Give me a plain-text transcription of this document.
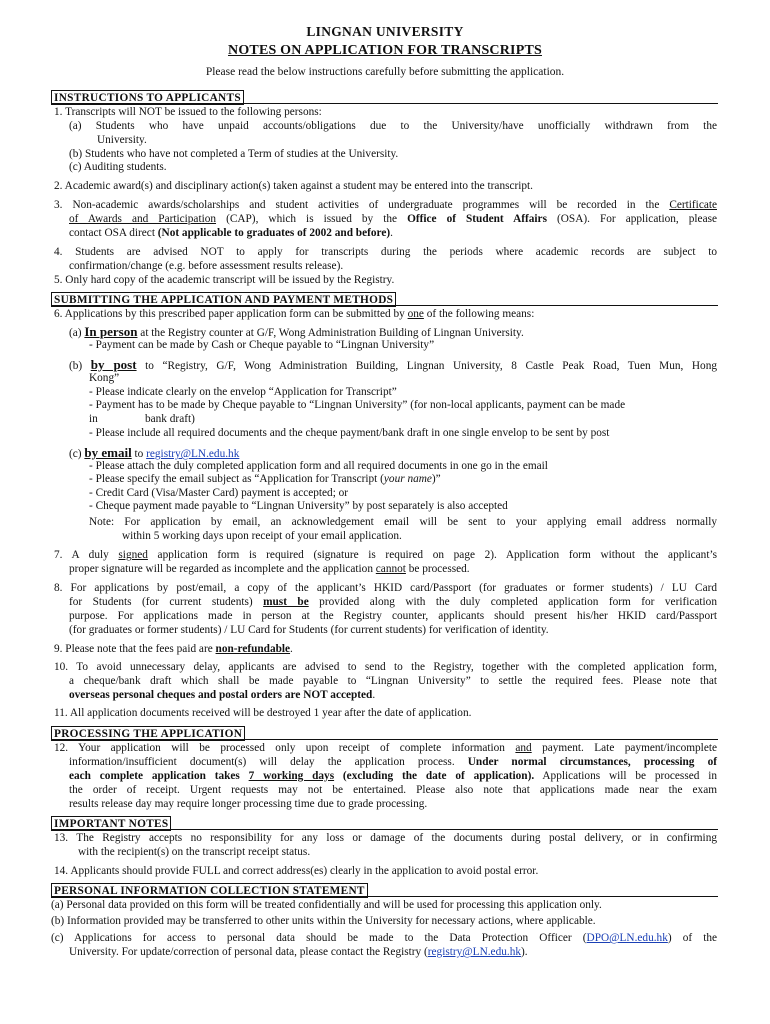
LINGNAN UNIVERSITY
NOTES ON APPLICATION FOR TRANSCRIPTS
Please read the below instructions carefully before submitting the application.
INSTRUCTIONS TO APPLICANTS
1. Transcripts will NOT be issued to the following persons:
(a) Students who have unpaid accounts/obligations due to the University/have unofficially withdrawn from the
University.
(b) Students who have not completed a Term of studies at the University.
(c) Auditing students.
2. Academic award(s) and disciplinary action(s) taken against a student may be entered into the transcript.
3. Non-academic awards/scholarships and student activities of undergraduate programmes will be recorded in the Certificate
of Awards and Participation (CAP), which is issued by the Office of Student Affairs (OSA). For application, please
contact OSA direct (Not applicable to graduates of 2002 and before).
4. Students are advised NOT to apply for transcripts during the periods where academic records are subject to
confirmation/change (e.g. before assessment results release).
5. Only hard copy of the academic transcript will be issued by the Registry.
SUBMITTING THE APPLICATION AND PAYMENT METHODS
6. Applications by this prescribed paper application form can be submitted by one of the following means:
(a) In person at the Registry counter at G/F, Wong Administration Building of Lingnan University.
- Payment can be made by Cash or Cheque payable to “Lingnan University”
(b) by post to “Registry, G/F, Wong Administration Building, Lingnan University, 8 Castle Peak Road, Tuen Mun, Hong
Kong”
- Please indicate clearly on the envelop “Application for Transcript”
- Payment has to be made by Cheque payable to “Lingnan University” (for non-local applicants, payment can be made
in	bank draft)
- Please include all required documents and the cheque payment/bank draft in one single envelop to be sent by post
(c) by email to registry@LN.edu.hk
- Please attach the duly completed application form and all required documents in one go in the email
- Please specify the email subject as “Application for Transcript (your name)”
- Credit Card (Visa/Master Card) payment is accepted; or
- Cheque payment made payable to “Lingnan University” by post separately is also accepted
Note: For application by email, an acknowledgement email will be sent to your applying email address normally
within 5 working days upon receipt of your email application.
7. A duly signed application form is required (signature is required on page 2). Application form without the applicant’s
proper signature will be regarded as incomplete and the application cannot be processed.
8. For applications by post/email, a copy of the applicant’s HKID card/Passport (for graduates or former students) / LU Card
for Students (for current students) must be provided along with the duly completed application form for verification
purpose. For applications made in person at the Registry counter, applicants should present his/her HKID card/Passport
(for graduates or former students) / LU Card for Students (for current students) for verification of identity.
9. Please note that the fees paid are non-refundable.
10. To avoid unnecessary delay, applicants are advised to send to the Registry, together with the completed application form,
a cheque/bank draft which shall be made payable to “Lingnan University” to settle the required fees. Please note that
overseas personal cheques and postal orders are NOT accepted.
11. All application documents received will be destroyed 1 year after the date of application.
PROCESSING THE APPLICATION
12. Your application will be processed only upon receipt of complete information and payment. Late payment/incomplete
information/insufficient document(s) will delay the application process. Under normal circumstances, processing of
each complete application takes 7 working days (excluding the date of application). Applications will be processed in
the order of receipt. Urgent requests may not be entertained. Please also note that applications made near the exam
results release day may require longer processing time due to grade processing.
IMPORTANT NOTES
13. The Registry accepts no responsibility for any loss or damage of the documents during postal delivery, or in confirming
with the recipient(s) on the transcript receipt status.
14. Applicants should provide FULL and correct address(es) clearly in the application to avoid postal error.
PERSONAL INFORMATION COLLECTION STATEMENT
(a) Personal data provided on this form will be treated confidentially and will be used for processing this application only.
(b) Information provided may be transferred to other units within the University for necessary actions, where applicable.
(c) Applications for access to personal data should be made to the Data Protection Officer (DPO@LN.edu.hk) of the
University. For update/correction of personal data, please contact the Registry (registry@LN.edu.hk).
